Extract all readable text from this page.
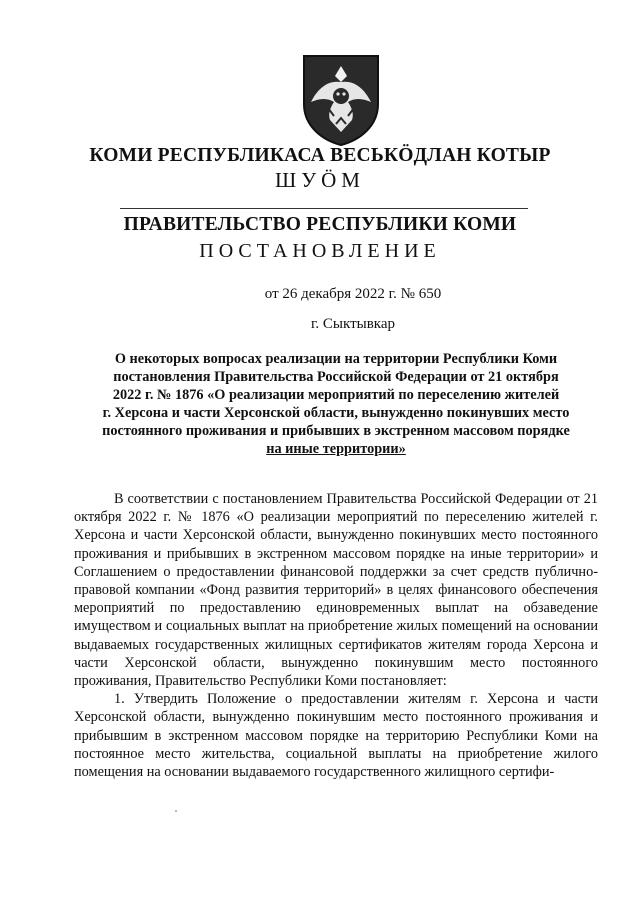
КОМИ РЕСПУБЛИКАСА ВЕСЬКӦДЛАН КОТЫР
ШУӦМ
ПРАВИТЕЛЬСТВО РЕСПУБЛИКИ КОМИ
ПОСТАНОВЛЕНИЕ
от 26 декабря 2022 г. № 650
г. Сыктывкар
О некоторых вопросах реализации на территории Республики Коми
постановления Правительства Российской Федерации от 21 октября
2022 г. № 1876 «О реализации мероприятий по переселению жителей
г. Херсона и части Херсонской области, вынужденно покинувших место
постоянного проживания и прибывших в экстренном массовом порядке
на иные территории»

В соответствии с постановлением Правительства Российской Федерации от 21 октября 2022 г. № 1876 «О реализации мероприятий по переселению жителей г. Херсона и части Херсонской области, вынужденно покинувших место постоянного проживания и прибывших в экстренном массовом порядке на иные территории» и Соглашением о предоставлении финансовой поддержки за счет средств публично-правовой компании «Фонд развития территорий» в целях финансового обеспечения мероприятий по предоставлению единовременных выплат на обзаведение имуществом и социальных выплат на приобретение жилых помещений на основании выдаваемых государственных жилищных сертификатов жителям города Херсона и части Херсонской области, вынужденно покинувшим место постоянного проживания, Правительство Республики Коми постановляет:

1. Утвердить Положение о предоставлении жителям г. Херсона и части Херсонской области, вынужденно покинувшим место постоянного проживания и прибывшим в экстренном массовом порядке на территорию Республики Коми на постоянное место жительства, социальной выплаты на приобретение жилого помещения на основании выдаваемого государственного жилищного сертифи-
